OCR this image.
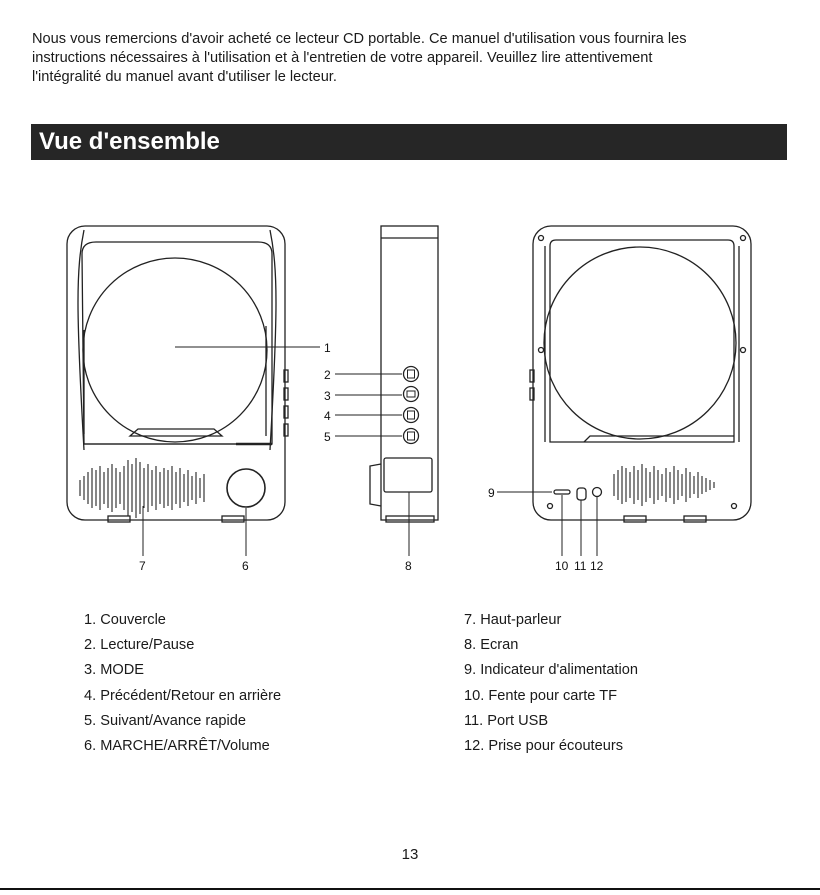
Nous vous remercions d'avoir acheté ce lecteur CD portable. Ce manuel d'utilisation vous fournira les

instructions nécessaires à l'utilisation et à l'entretien de votre appareil. Veuillez lire attentivement

l'intégralité du manuel avant d'utiliser le lecteur.

Vue d'ensemble
1
2
3
4
5
6
7	8
9
10 11 12
1. Couvercle
2. Lecture/Pause
3. MODE
4. Précédent/Retour en arrière
5. Suivant/Avance rapide
6. MARCHE/ARRÊT/Volume
7. Haut-parleur
8. Ecran
9. Indicateur d'alimentation
10. Fente pour carte TF
11. Port USB
12. Prise pour écouteurs
13
